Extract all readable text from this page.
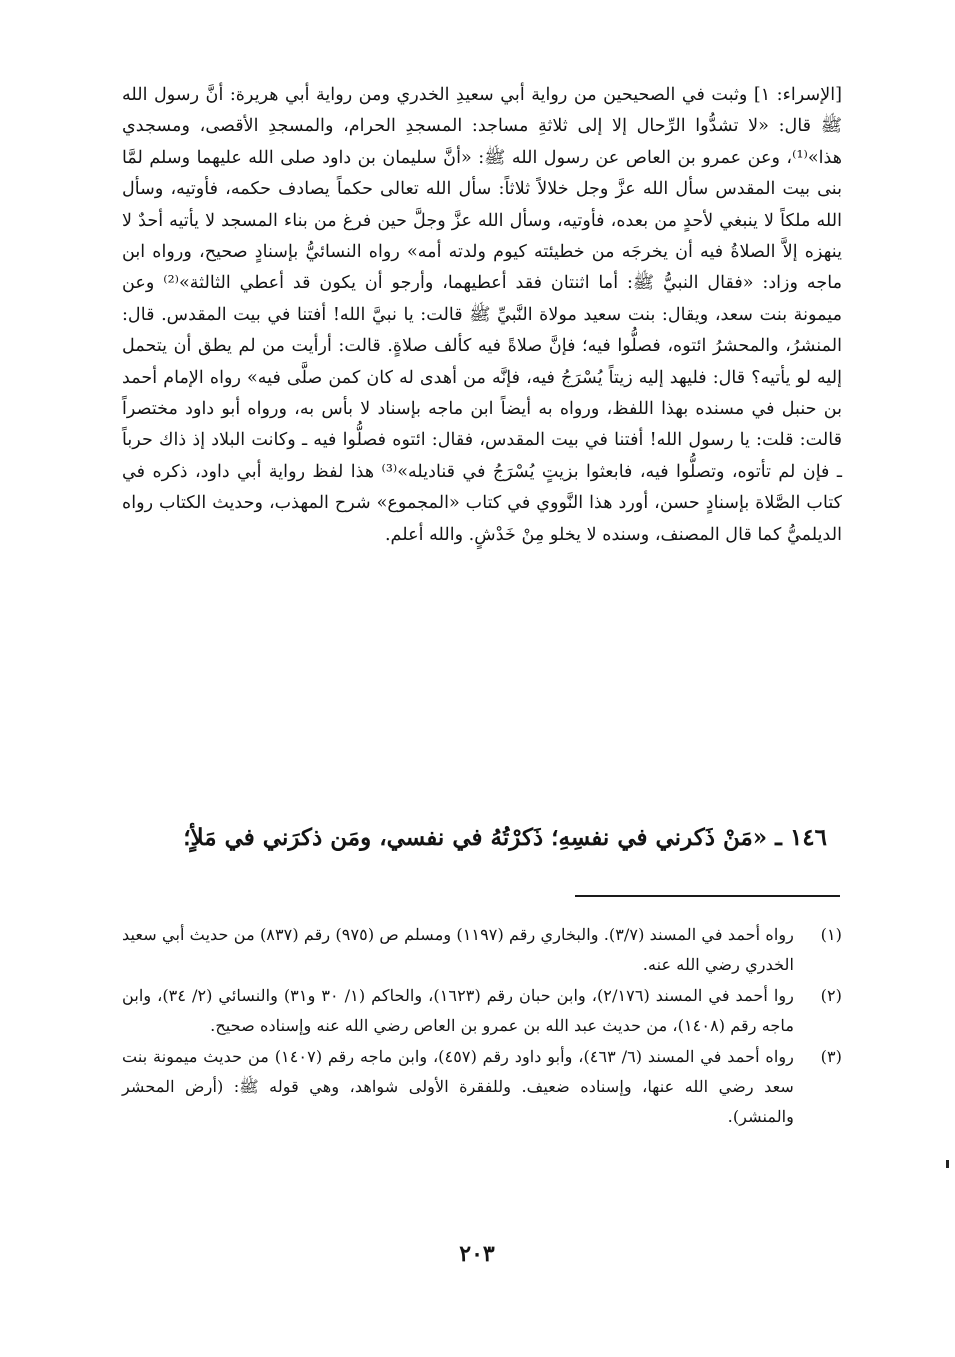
[الإسراء: ١] وثبت في الصحيحين من رواية أبي سعيدِ الخدري ومن رواية أبي هريرة: أنَّ رسول الله ﷺ قال: «لا تشدُّوا الرِّحال إلا إلى ثلاثةِ مساجد: المسجدِ الحرام، والمسجدِ الأقصى، ومسجدي هذا»⁽¹⁾، وعن عمرو بن العاص عن رسول الله ﷺ: «أنَّ سليمان بن داود صلى الله عليهما وسلم لمَّا بنى بيت المقدس سأل الله عزَّ وجل خلالاً ثلاثاً: سأل الله تعالى حكماً يصادف حكمه، فأوتيه، وسأل الله ملكاً لا ينبغي لأحدٍ من بعده، فأوتيه، وسأل الله عزَّ وجلَّ حين فرغ من بناء المسجد لا يأتيه أحدٌ لا ينهزه إلاَّ الصلاةُ فيه أن يخرجَه من خطيئته كيوم ولدته أمه» رواه النسائيُّ بإسنادٍ صحيح، ورواه ابن ماجه وزاد: «فقال النبيُّ ﷺ: أما اثنتان فقد أعطيهما، وأرجو أن يكون قد أعطي الثالثة»⁽²⁾ وعن ميمونة بنت سعد، ويقال: بنت سعيد مولاة النَّبيِّ ﷺ قالت: يا نبيَّ الله! أفتنا في بيت المقدس. قال: المنشرُ، والمحشرُ ائتوه، فصلُّوا فيه؛ فإنَّ صلاةً فيه كألف صلاةٍ. قالت: أرأيت من لم يطق أن يتحمل إليه لو يأتيه؟ قال: فليهد إليه زيتاً يُسْرَجُ فيه، فإنَّه من أهدى له كان كمن صلَّى فيه» رواه الإمام أحمد بن حنبل في مسنده بهذا اللفظ، ورواه به أيضاً ابن ماجه بإسناد لا بأس به، ورواه أبو داود مختصراً قالت: قلت: يا رسول الله! أفتنا في بيت المقدس، فقال: ائتوه فصلُّوا فيه ـ وكانت البلاد إذ ذاك حرباً ـ فإن لم تأتوه، وتصلُّوا فيه، فابعثوا بزيتٍ يُسْرَجُ في قناديله»⁽³⁾ هذا لفظ رواية أبي داود، ذكره في كتاب الصَّلاة بإسنادٍ حسن، أورد هذا النَّووي في كتاب «المجموع» شرح المهذب، وحديث الكتاب رواه الديلميُّ كما قال المصنف، وسنده لا يخلو مِنْ خَدْشٍ. والله أعلم.

١٤٦ ـ «مَنْ ذَكرني في نفسِهِ؛ ذَكرْتُهُ في نفسي، ومَن ذكرَني في مَلأٍ؛
(١)
رواه أحمد في المسند (٣/٧). والبخاري رقم (١١٩٧) ومسلم ص (٩٧٥) رقم (٨٣٧) من حديث أبي سعيد الخدري رضي الله عنه.
(٢)
روا أحمد في المسند (٢/١٧٦)، وابن حبان رقم (١٦٢٣)، والحاكم (١/ ٣٠ و٣١) والنسائي (٢/ ٣٤)، وابن ماجه رقم (١٤٠٨)، من حديث عبد الله بن عمرو بن العاص رضي الله عنه وإسناده صحيح.
(٣)
رواه أحمد في المسند (٦/ ٤٦٣)، وأبو داود رقم (٤٥٧)، وابن ماجه رقم (١٤٠٧) من حديث ميمونة بنت سعد رضي الله عنها، وإسناده ضعيف. وللفقرة الأولى شواهد، وهي قوله ﷺ: (أرض المحشر والمنشر).
٢٠٣
